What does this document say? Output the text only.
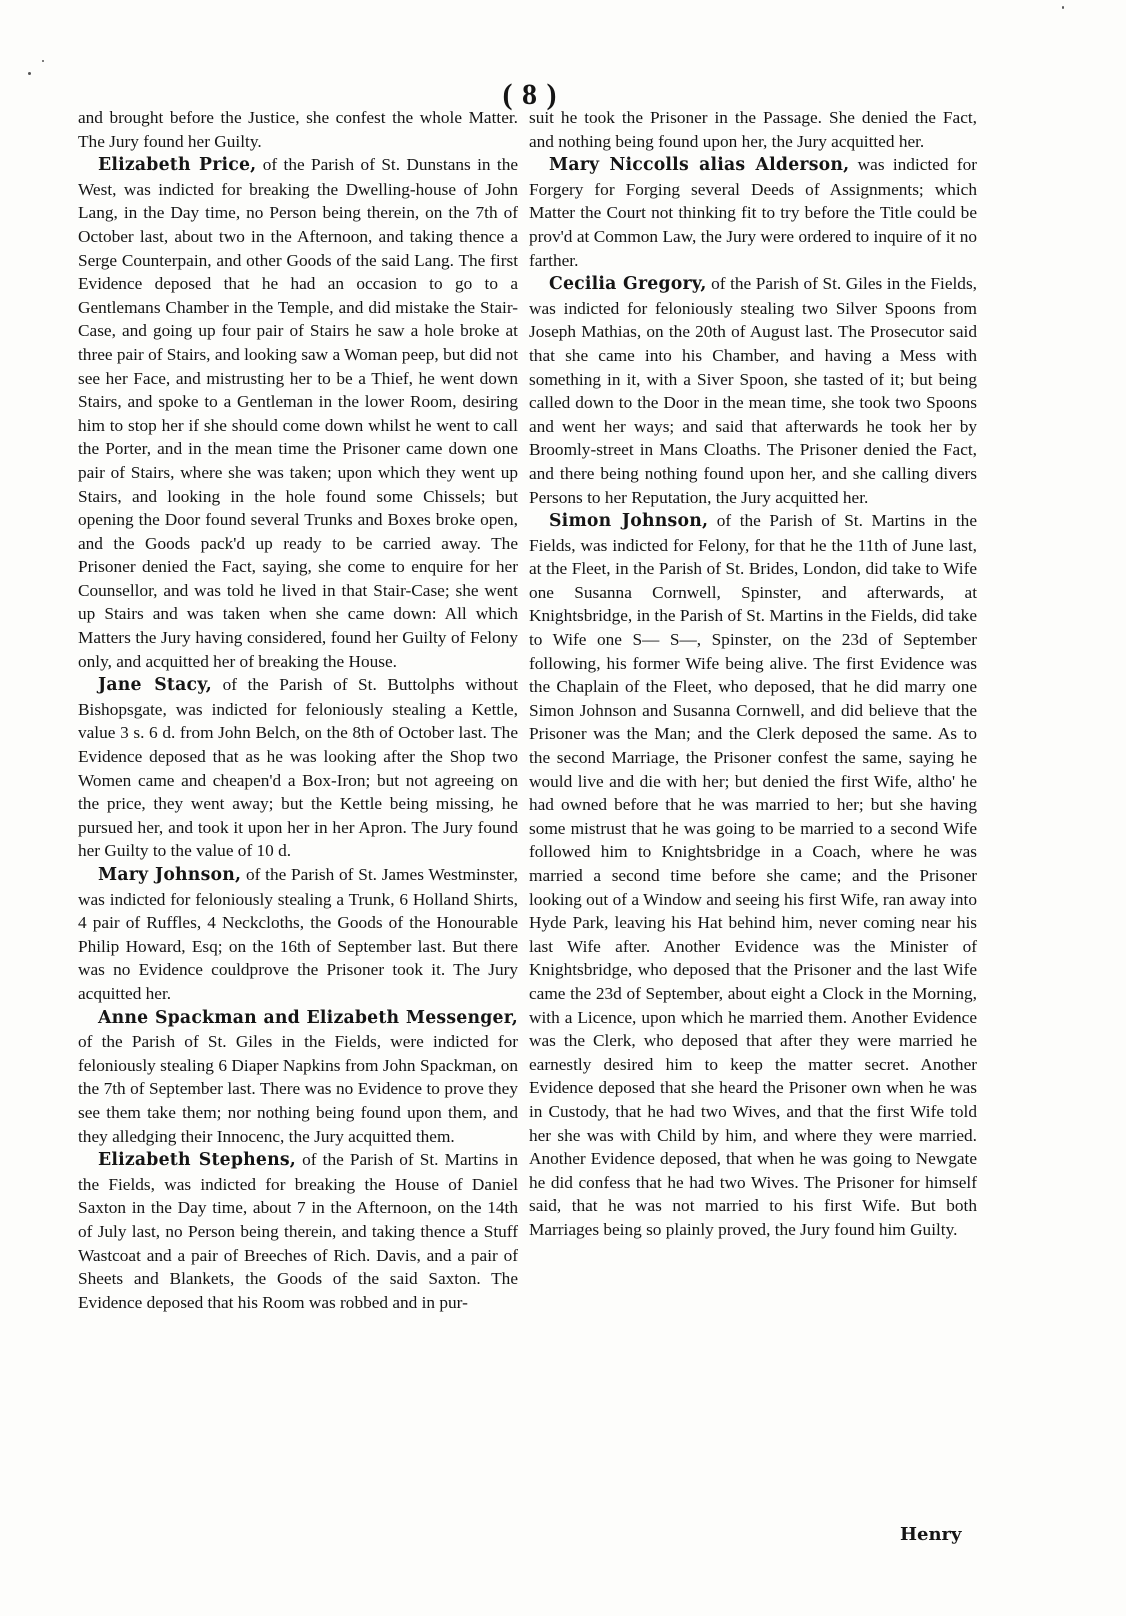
( 8 )

and brought before the Justice, she confest the whole Matter. The Jury found her Guilty.

Elizabeth Price, of the Parish of St. Dunstans in the West, was indicted for breaking the Dwelling-house of John Lang, in the Day time, no Person being therein, on the 7th of October last, about two in the Afternoon, and taking thence a Serge Counterpain, and other Goods of the said Lang. The first Evidence deposed that he had an occasion to go to a Gentlemans Chamber in the Temple, and did mistake the Stair-Case, and going up four pair of Stairs he saw a hole broke at three pair of Stairs, and looking saw a Woman peep, but did not see her Face, and mistrusting her to be a Thief, he went down Stairs, and spoke to a Gentleman in the lower Room, desiring him to stop her if she should come down whilst he went to call the Porter, and in the mean time the Prisoner came down one pair of Stairs, where she was taken; upon which they went up Stairs, and looking in the hole found some Chissels; but opening the Door found several Trunks and Boxes broke open, and the Goods pack'd up ready to be carried away. The Prisoner denied the Fact, saying, she come to enquire for her Counsellor, and was told he lived in that Stair-Case; she went up Stairs and was taken when she came down: All which Matters the Jury having considered, found her Guilty of Felony only, and acquitted her of breaking the House.

Jane Stacy, of the Parish of St. Buttolphs without Bishopsgate, was indicted for feloniously stealing a Kettle, value 3 s. 6 d. from John Belch, on the 8th of October last. The Evidence deposed that as he was looking after the Shop two Women came and cheapen'd a Box-Iron; but not agreeing on the price, they went away; but the Kettle being missing, he pursued her, and took it upon her in her Apron. The Jury found her Guilty to the value of 10 d.

Mary Johnson, of the Parish of St. James Westminster, was indicted for feloniously stealing a Trunk, 6 Holland Shirts, 4 pair of Ruffles, 4 Neckcloths, the Goods of the Honourable Philip Howard, Esq; on the 16th of September last. But there was no Evidence couldprove the Prisoner took it. The Jury acquitted her.

Anne Spackman and Elizabeth Messenger, of the Parish of St. Giles in the Fields, were indicted for feloniously stealing 6 Diaper Napkins from John Spackman, on the 7th of September last. There was no Evidence to prove they see them take them; nor nothing being found upon them, and they alledging their Innocenc, the Jury acquitted them.

Elizabeth Stephens, of the Parish of St. Martins in the Fields, was indicted for breaking the House of Daniel Saxton in the Day time, about 7 in the Afternoon, on the 14th of July last, no Person being therein, and taking thence a Stuff Wastcoat and a pair of Breeches of Rich. Davis, and a pair of Sheets and Blankets, the Goods of the said Saxton. The Evidence deposed that his Room was robbed and in pur-

suit he took the Prisoner in the Passage. She denied the Fact, and nothing being found upon her, the Jury acquitted her.

Mary Niccolls alias Alderson, was indicted for Forgery for Forging several Deeds of Assignments; which Matter the Court not thinking fit to try before the Title could be prov'd at Common Law, the Jury were ordered to inquire of it no farther.

Cecilia Gregory, of the Parish of St. Giles in the Fields, was indicted for feloniously stealing two Silver Spoons from Joseph Mathias, on the 20th of August last. The Prosecutor said that she came into his Chamber, and having a Mess with something in it, with a Siver Spoon, she tasted of it; but being called down to the Door in the mean time, she took two Spoons and went her ways; and said that afterwards he took her by Broomly-street in Mans Cloaths. The Prisoner denied the Fact, and there being nothing found upon her, and she calling divers Persons to her Reputation, the Jury acquitted her.

Simon Johnson, of the Parish of St. Martins in the Fields, was indicted for Felony, for that he the 11th of June last, at the Fleet, in the Parish of St. Brides, London, did take to Wife one Susanna Cornwell, Spinster, and afterwards, at Knightsbridge, in the Parish of St. Martins in the Fields, did take to Wife one S— S—, Spinster, on the 23d of September following, his former Wife being alive. The first Evidence was the Chaplain of the Fleet, who deposed, that he did marry one Simon Johnson and Susanna Cornwell, and did believe that the Prisoner was the Man; and the Clerk deposed the same. As to the second Marriage, the Prisoner confest the same, saying he would live and die with her; but denied the first Wife, altho' he had owned before that he was married to her; but she having some mistrust that he was going to be married to a second Wife followed him to Knightsbridge in a Coach, where he was married a second time before she came; and the Prisoner looking out of a Window and seeing his first Wife, ran away into Hyde Park, leaving his Hat behind him, never coming near his last Wife after. Another Evidence was the Minister of Knightsbridge, who deposed that the Prisoner and the last Wife came the 23d of September, about eight a Clock in the Morning, with a Licence, upon which he married them. Another Evidence was the Clerk, who deposed that after they were married he earnestly desired him to keep the matter secret. Another Evidence deposed that she heard the Prisoner own when he was in Custody, that he had two Wives, and that the first Wife told her she was with Child by him, and where they were married. Another Evidence deposed, that when he was going to Newgate he did confess that he had two Wives. The Prisoner for himself said, that he was not married to his first Wife. But both Marriages being so plainly proved, the Jury found him Guilty.

Henry
